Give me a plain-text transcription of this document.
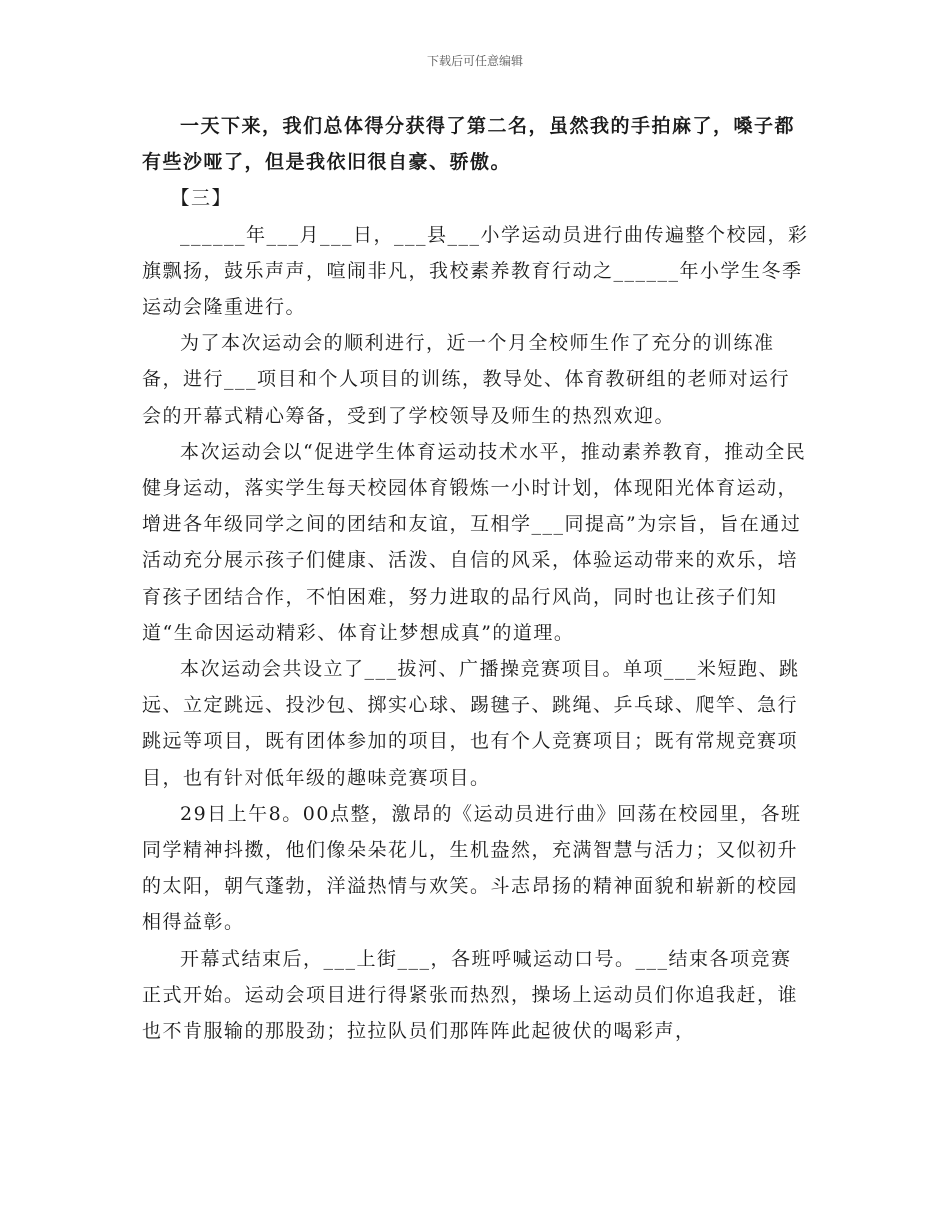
下载后可任意编辑

一天下来，我们总体得分获得了第二名，虽然我的手拍麻了，嗓子都有些沙哑了，但是我依旧很自豪、骄傲。

【三】

______年___月___日，___县___小学运动员进行曲传遍整个校园，彩旗飘扬，鼓乐声声，喧闹非凡，我校素养教育行动之______年小学生冬季运动会隆重进行。

为了本次运动会的顺利进行，近一个月全校师生作了充分的训练准备，进行___项目和个人项目的训练，教导处、体育教研组的老师对运行会的开幕式精心筹备，受到了学校领导及师生的热烈欢迎。

本次运动会以“促进学生体育运动技术水平，推动素养教育，推动全民健身运动，落实学生每天校园体育锻炼一小时计划，体现阳光体育运动，增进各年级同学之间的团结和友谊，互相学___同提高”为宗旨，旨在通过活动充分展示孩子们健康、活泼、自信的风采，体验运动带来的欢乐，培育孩子团结合作，不怕困难，努力进取的品行风尚，同时也让孩子们知道“生命因运动精彩、体育让梦想成真”的道理。

本次运动会共设立了___拔河、广播操竞赛项目。单项___米短跑、跳远、立定跳远、投沙包、掷实心球、踢毽子、跳绳、乒乓球、爬竿、急行跳远等项目，既有团体参加的项目，也有个人竞赛项目；既有常规竞赛项目，也有针对低年级的趣味竞赛项目。

29日上午8。00点整，激昂的《运动员进行曲》回荡在校园里，各班同学精神抖擞，他们像朵朵花儿，生机盎然，充满智慧与活力；又似初升的太阳，朝气蓬勃，洋溢热情与欢笑。斗志昂扬的精神面貌和崭新的校园相得益彰。

开幕式结束后，___上街___，各班呼喊运动口号。___结束各项竞赛正式开始。运动会项目进行得紧张而热烈，操场上运动员们你追我赶，谁也不肯服输的那股劲；拉拉队员们那阵阵此起彼伏的喝彩声，
